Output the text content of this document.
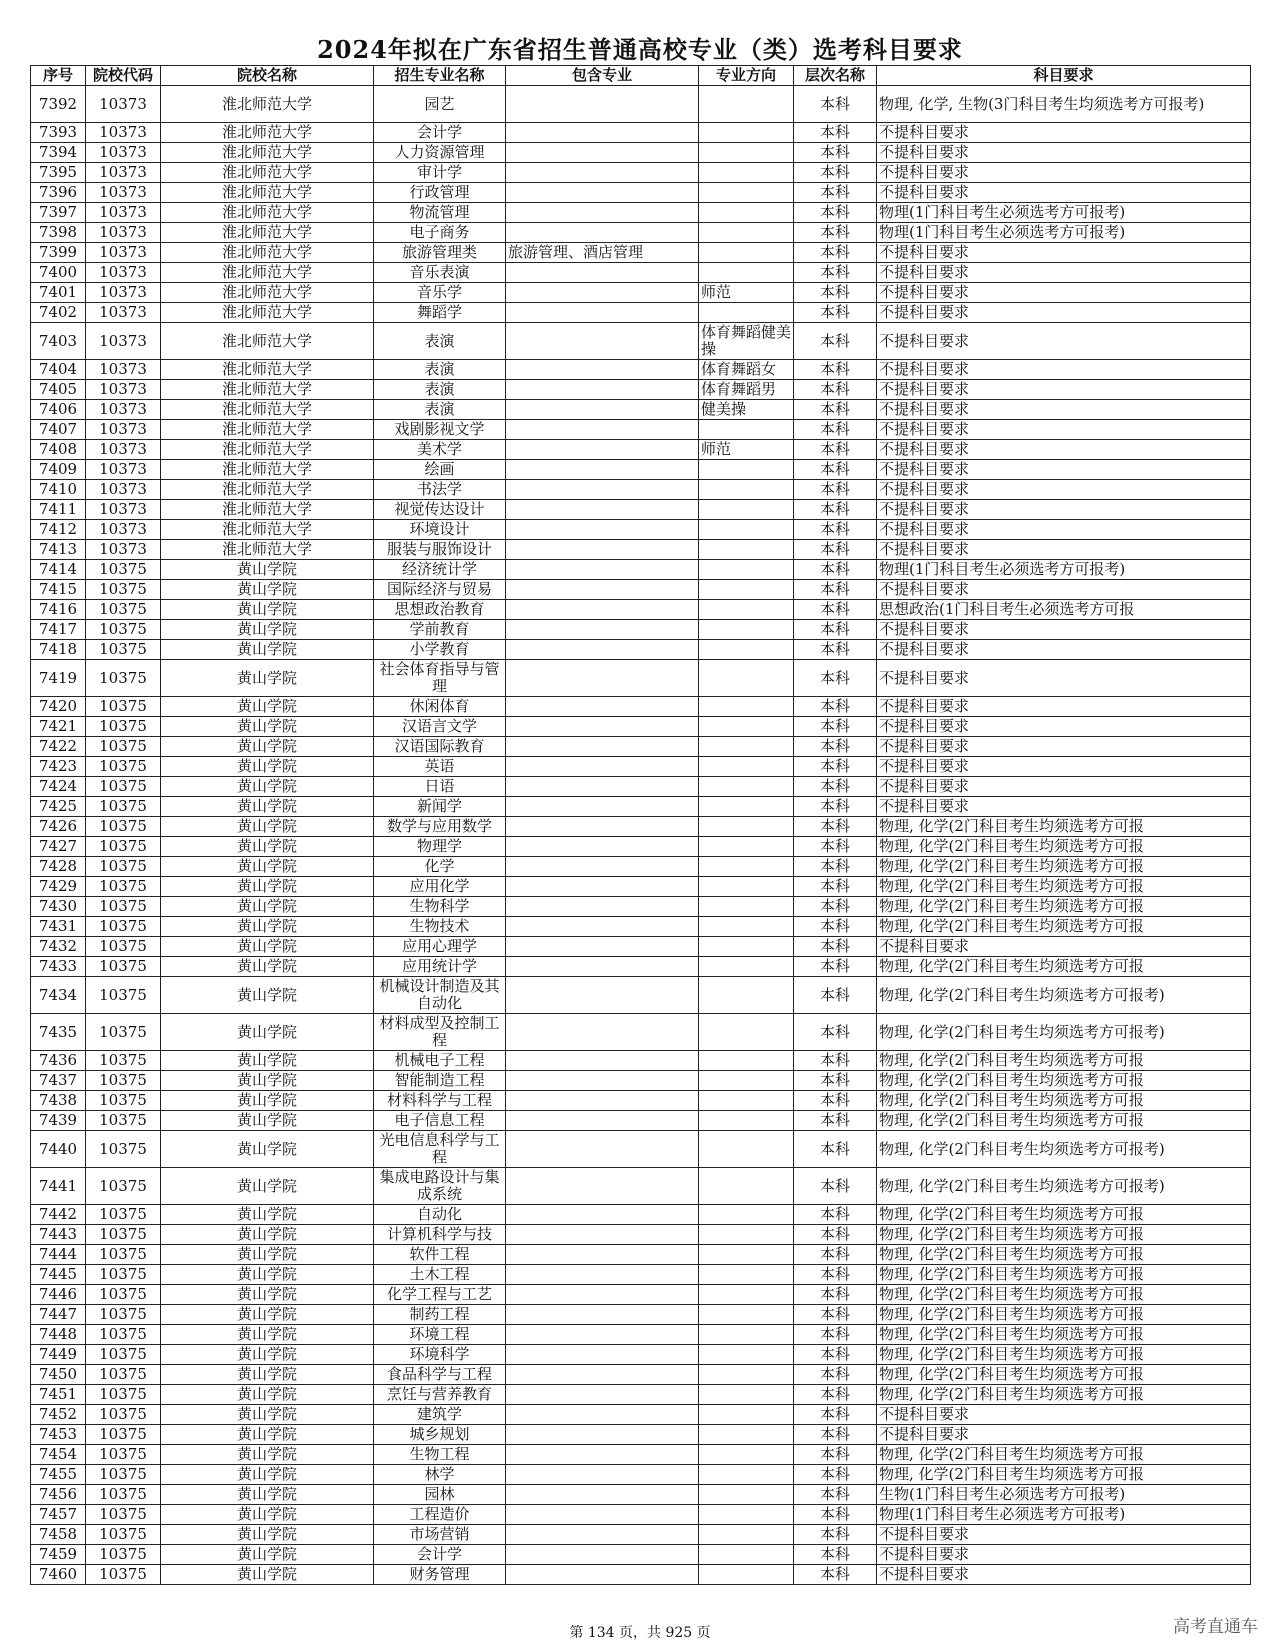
2024年拟在广东省招生普通高校专业（类）选考科目要求
序号	院校代码	院校名称	招生专业名称	包含专业	专业方向	层次名称	科目要求
7392	10373	淮北师范大学	园艺			本科	物理, 化学, 生物(3门科目考生均须选考方可报考)
7393	10373	淮北师范大学	会计学			本科	不提科目要求
7394	10373	淮北师范大学	人力资源管理			本科	不提科目要求
7395	10373	淮北师范大学	审计学			本科	不提科目要求
7396	10373	淮北师范大学	行政管理			本科	不提科目要求
7397	10373	淮北师范大学	物流管理			本科	物理(1门科目考生必须选考方可报考)
7398	10373	淮北师范大学	电子商务			本科	物理(1门科目考生必须选考方可报考)
7399	10373	淮北师范大学	旅游管理类	旅游管理、酒店管理		本科	不提科目要求
7400	10373	淮北师范大学	音乐表演			本科	不提科目要求
7401	10373	淮北师范大学	音乐学		师范	本科	不提科目要求
7402	10373	淮北师范大学	舞蹈学			本科	不提科目要求
7403	10373	淮北师范大学	表演		体育舞蹈健美操	本科	不提科目要求
7404	10373	淮北师范大学	表演		体育舞蹈女	本科	不提科目要求
7405	10373	淮北师范大学	表演		体育舞蹈男	本科	不提科目要求
7406	10373	淮北师范大学	表演		健美操	本科	不提科目要求
7407	10373	淮北师范大学	戏剧影视文学			本科	不提科目要求
7408	10373	淮北师范大学	美术学		师范	本科	不提科目要求
7409	10373	淮北师范大学	绘画			本科	不提科目要求
7410	10373	淮北师范大学	书法学			本科	不提科目要求
7411	10373	淮北师范大学	视觉传达设计			本科	不提科目要求
7412	10373	淮北师范大学	环境设计			本科	不提科目要求
7413	10373	淮北师范大学	服装与服饰设计			本科	不提科目要求
7414	10375	黄山学院	经济统计学			本科	物理(1门科目考生必须选考方可报考)
7415	10375	黄山学院	国际经济与贸易			本科	不提科目要求
7416	10375	黄山学院	思想政治教育			本科	思想政治(1门科目考生必须选考方可报
7417	10375	黄山学院	学前教育			本科	不提科目要求
7418	10375	黄山学院	小学教育			本科	不提科目要求
7419	10375	黄山学院	社会体育指导与管理			本科	不提科目要求
7420	10375	黄山学院	休闲体育			本科	不提科目要求
7421	10375	黄山学院	汉语言文学			本科	不提科目要求
7422	10375	黄山学院	汉语国际教育			本科	不提科目要求
7423	10375	黄山学院	英语			本科	不提科目要求
7424	10375	黄山学院	日语			本科	不提科目要求
7425	10375	黄山学院	新闻学			本科	不提科目要求
7426	10375	黄山学院	数学与应用数学			本科	物理, 化学(2门科目考生均须选考方可报
7427	10375	黄山学院	物理学			本科	物理, 化学(2门科目考生均须选考方可报
7428	10375	黄山学院	化学			本科	物理, 化学(2门科目考生均须选考方可报
7429	10375	黄山学院	应用化学			本科	物理, 化学(2门科目考生均须选考方可报
7430	10375	黄山学院	生物科学			本科	物理, 化学(2门科目考生均须选考方可报
7431	10375	黄山学院	生物技术			本科	物理, 化学(2门科目考生均须选考方可报
7432	10375	黄山学院	应用心理学			本科	不提科目要求
7433	10375	黄山学院	应用统计学			本科	物理, 化学(2门科目考生均须选考方可报
7434	10375	黄山学院	机械设计制造及其自动化			本科	物理, 化学(2门科目考生均须选考方可报考)
7435	10375	黄山学院	材料成型及控制工程			本科	物理, 化学(2门科目考生均须选考方可报考)
7436	10375	黄山学院	机械电子工程			本科	物理, 化学(2门科目考生均须选考方可报
7437	10375	黄山学院	智能制造工程			本科	物理, 化学(2门科目考生均须选考方可报
7438	10375	黄山学院	材料科学与工程			本科	物理, 化学(2门科目考生均须选考方可报
7439	10375	黄山学院	电子信息工程			本科	物理, 化学(2门科目考生均须选考方可报
7440	10375	黄山学院	光电信息科学与工程			本科	物理, 化学(2门科目考生均须选考方可报考)
7441	10375	黄山学院	集成电路设计与集成系统			本科	物理, 化学(2门科目考生均须选考方可报考)
7442	10375	黄山学院	自动化			本科	物理, 化学(2门科目考生均须选考方可报
7443	10375	黄山学院	计算机科学与技			本科	物理, 化学(2门科目考生均须选考方可报
7444	10375	黄山学院	软件工程			本科	物理, 化学(2门科目考生均须选考方可报
7445	10375	黄山学院	土木工程			本科	物理, 化学(2门科目考生均须选考方可报
7446	10375	黄山学院	化学工程与工艺			本科	物理, 化学(2门科目考生均须选考方可报
7447	10375	黄山学院	制药工程			本科	物理, 化学(2门科目考生均须选考方可报
7448	10375	黄山学院	环境工程			本科	物理, 化学(2门科目考生均须选考方可报
7449	10375	黄山学院	环境科学			本科	物理, 化学(2门科目考生均须选考方可报
7450	10375	黄山学院	食品科学与工程			本科	物理, 化学(2门科目考生均须选考方可报
7451	10375	黄山学院	烹饪与营养教育			本科	物理, 化学(2门科目考生均须选考方可报
7452	10375	黄山学院	建筑学			本科	不提科目要求
7453	10375	黄山学院	城乡规划			本科	不提科目要求
7454	10375	黄山学院	生物工程			本科	物理, 化学(2门科目考生均须选考方可报
7455	10375	黄山学院	林学			本科	物理, 化学(2门科目考生均须选考方可报
7456	10375	黄山学院	园林			本科	生物(1门科目考生必须选考方可报考)
7457	10375	黄山学院	工程造价			本科	物理(1门科目考生必须选考方可报考)
7458	10375	黄山学院	市场营销			本科	不提科目要求
7459	10375	黄山学院	会计学			本科	不提科目要求
7460	10375	黄山学院	财务管理			本科	不提科目要求
第 134 页，共 925 页	高考直通车
